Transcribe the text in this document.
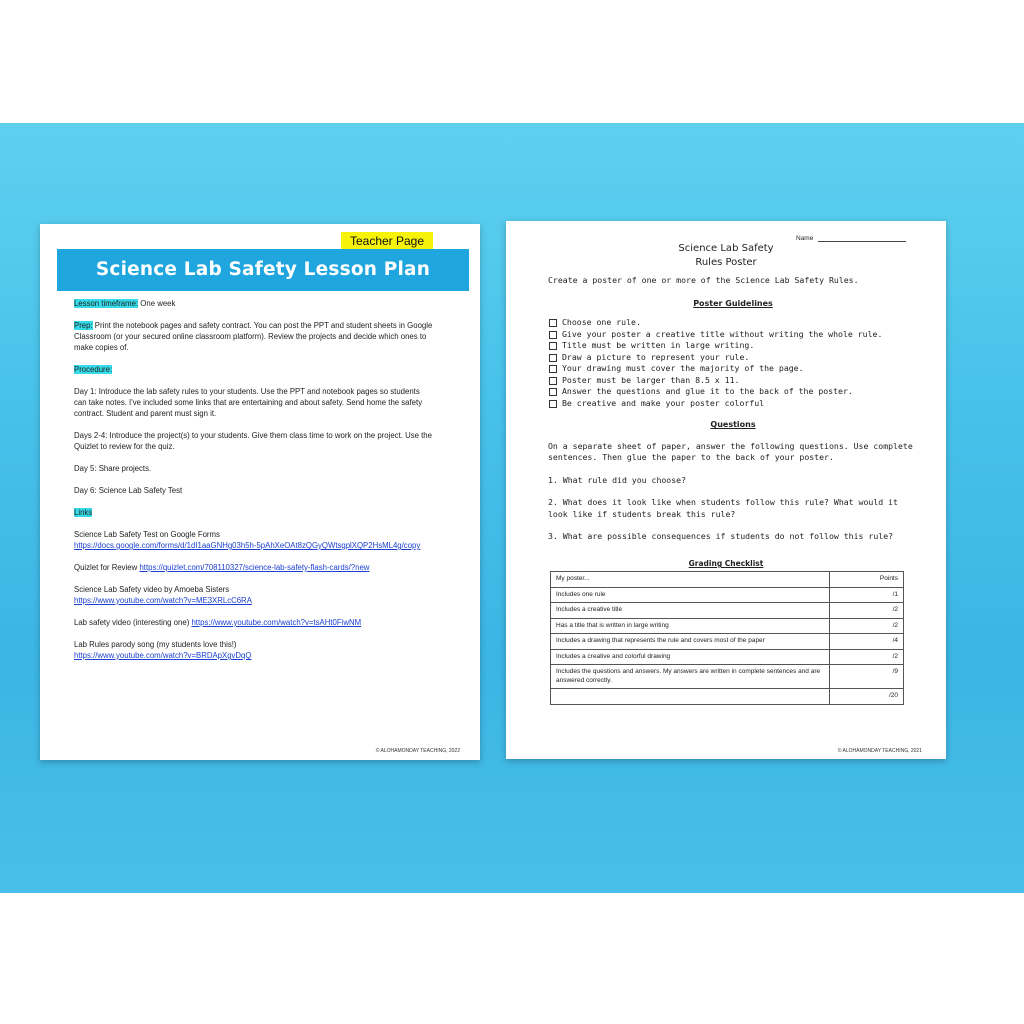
Teacher Page
Science Lab Safety Lesson Plan

Lesson timeframe: One week

Prep: Print the notebook pages and safety contract. You can post the PPT and student sheets in Google Classroom (or your secured online classroom platform). Review the projects and decide which ones to make copies of.

Procedure:

Day 1: Introduce the lab safety rules to your students. Use the PPT and notebook pages so students can take notes. I've included some links that are entertaining and about safety. Send home the safety contract. Student and parent must sign it.

Days 2-4: Introduce the project(s) to your students. Give them class time to work on the project. Use the Quizlet to review for the quiz.

Day 5: Share projects.

Day 6: Science Lab Safety Test

Links

Science Lab Safety Test on Google Forms
https://docs.google.com/forms/d/1dI1aaGNHg03h5h-5pAhXeOAt8zQGyQWtsgplXQP2HsML4g/copy

Quizlet for Review https://quizlet.com/708110327/science-lab-safety-flash-cards/?new

Science Lab Safety video by Amoeba Sisters
https://www.youtube.com/watch?v=ME3XRLcC6RA

Lab safety video (interesting one) https://www.youtube.com/watch?v=tsAHt0FiwNM

Lab Rules parody song (my students love this!)
https://www.youtube.com/watch?v=BRDApXgvDqQ

© ALOHAMONDAY TEACHING, 2022
Name
Science Lab Safety
Rules Poster
Create a poster of one or more of the Science Lab Safety Rules.
Poster Guidelines
Choose one rule.
Give your poster a creative title without writing the whole rule.
Title must be written in large writing.
Draw a picture to represent your rule.
Your drawing must cover the majority of the page.
Poster must be larger than 8.5 x 11.
Answer the questions and glue it to the back of the poster.
Be creative and make your poster colorful
Questions

On a separate sheet of paper, answer the following questions. Use complete sentences. Then glue the paper to the back of your poster.

1. What rule did you choose?

2. What does it look like when students follow this rule? What would it look like if students break this rule?

3. What are possible consequences if students do not follow this rule?

Grading Checklist
My poster...	Points
Includes one rule	/1
Includes a creative title	/2
Has a title that is written in large writing	/2
Includes a drawing that represents the rule and covers most of the paper	/4
Includes a creative and colorful drawing	/2
Includes the questions and answers. My answers are written in complete sentences and are answered correctly.	/9
	/20
© ALOHAMONDAY TEACHING, 2021
